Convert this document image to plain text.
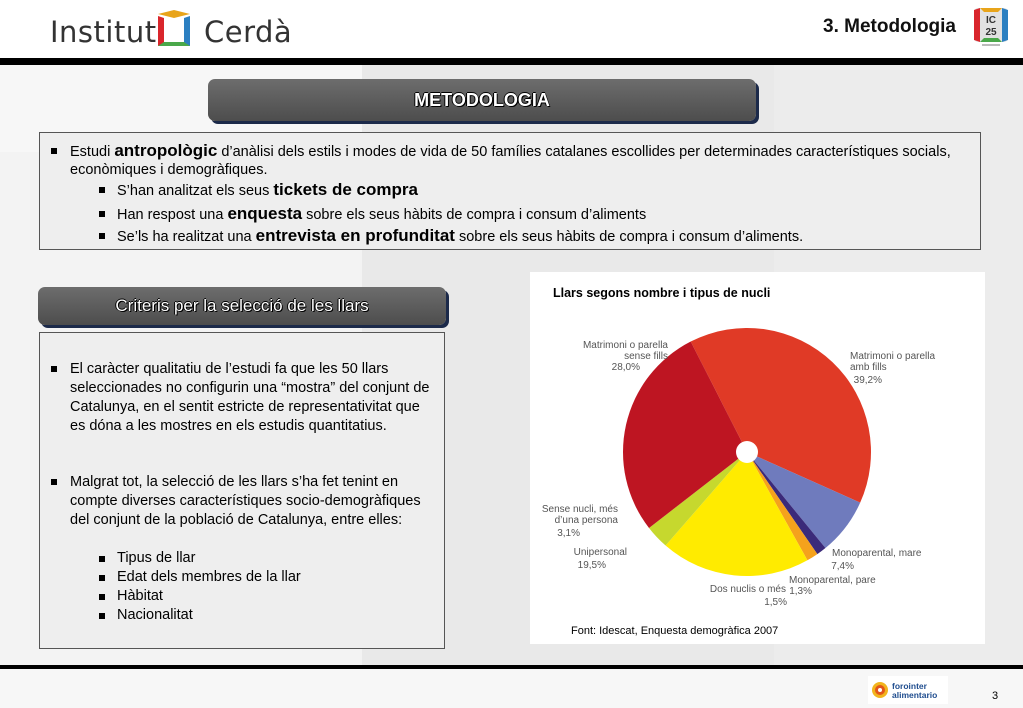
Institut Cerdà	3. Metodologia	IC
25
METODOLOGIA
Estudi antropològic d’anàlisi dels estils i modes de vida de 50 famílies catalanes escollides per determinades característiques socials, econòmiques i demogràfiques.
S’han analitzat els seus tickets de compra
Han respost una enquesta sobre els seus hàbits de compra i consum d’aliments
Se’ls ha realitzat una entrevista en profunditat sobre els seus hàbits de compra i consum d’aliments.
Criteris per la selecció de les llars
El caràcter qualitatiu de l’estudi fa que les 50 llars seleccionades no configurin una “mostra” del conjunt de Catalunya, en el sentit estricte de representativitat que es dóna a les mostres en els estudis quantitatius.
Malgrat tot, la selecció de les llars s’ha fet tenint en compte diverses característiques socio-demogràfiques del conjunt de la població de Catalunya, entre elles:
Tipus de llar
Edat dels membres de la llar
Hàbitat
Nacionalitat
Llars segons nombre i tipus de nucli
Matrimoni o parella
amb fills
39,2%
Monoparental, mare
7,4%
Monoparental, pare
1,3%
Dos nuclis o més
1,5%
Unipersonal
19,5%
Sense nucli, més
d’una persona
3,1%
Matrimoni o parella
sense fills
28,0%
Font: Idescat, Enquesta demogràfica 2007
forointer
alimentario	3
